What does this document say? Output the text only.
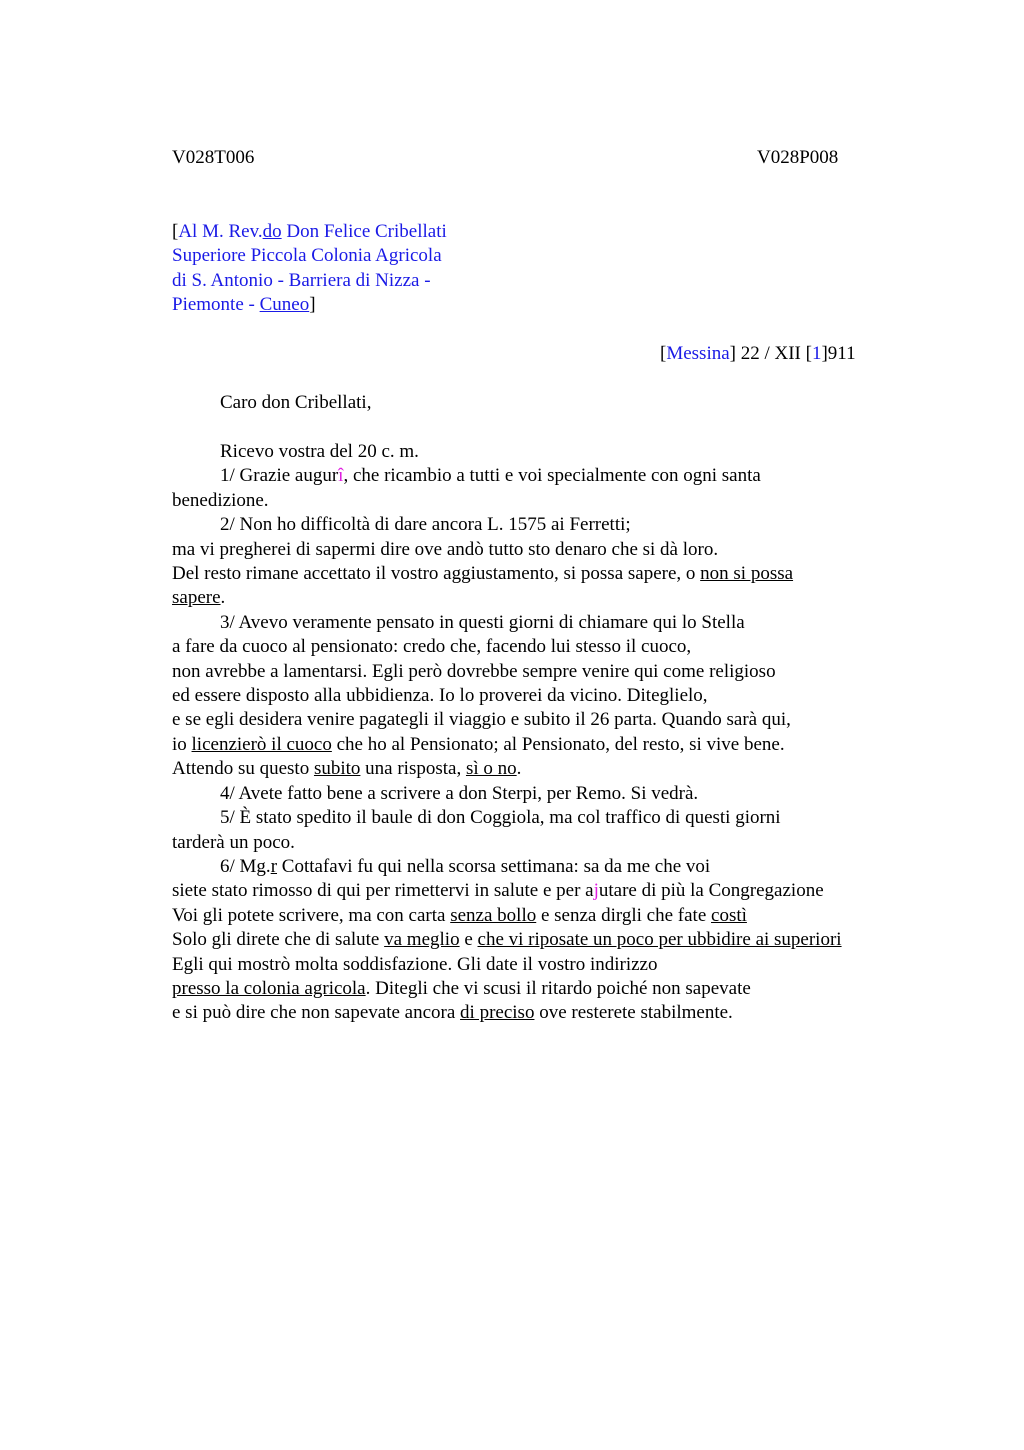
V028T006	V028P008
[Al M. Rev.do Don Felice Cribellati
Superiore Piccola Colonia Agricola
di S. Antonio - Barriera di Nizza -
Piemonte - Cuneo]
[Messina] 22 / XII [1]911
Caro don Cribellati,
Ricevo vostra del 20 c. m.
1/ Grazie augurî, che ricambio a tutti e voi specialmente con ogni santa
benedizione.
2/ Non ho difficoltà di dare ancora L. 1575 ai Ferretti;
ma vi pregherei di sapermi dire ove andò tutto sto denaro che si dà loro.
Del resto rimane accettato il vostro aggiustamento, si possa sapere, o non si possa
sapere.
3/ Avevo veramente pensato in questi giorni di chiamare qui lo Stella
a fare da cuoco al pensionato: credo che, facendo lui stesso il cuoco,
non avrebbe a lamentarsi. Egli però dovrebbe sempre venire qui come religioso
ed essere disposto alla ubbidienza. Io lo proverei da vicino. Diteglielo,
e se egli desidera venire pagategli il viaggio e subito il 26 parta. Quando sarà qui,
io licenzierò il cuoco che ho al Pensionato; al Pensionato, del resto, si vive bene.
Attendo su questo subito una risposta, sì o no.
4/ Avete fatto bene a scrivere a don Sterpi, per Remo. Si vedrà.
5/ È stato spedito il baule di don Coggiola, ma col traffico di questi giorni
tarderà un poco.
6/ Mg.r Cottafavi fu qui nella scorsa settimana: sa da me che voi
siete stato rimosso di qui per rimettervi in salute e per ajutare di più la Congregazione
Voi gli potete scrivere, ma con carta senza bollo e senza dirgli che fate costì
Solo gli direte che di salute va meglio e che vi riposate un poco per ubbidire ai superiori
Egli qui mostrò molta soddisfazione. Gli date il vostro indirizzo
presso la colonia agricola. Ditegli che vi scusi il ritardo poiché non sapevate
e si può dire che non sapevate ancora di preciso ove resterete stabilmente.
